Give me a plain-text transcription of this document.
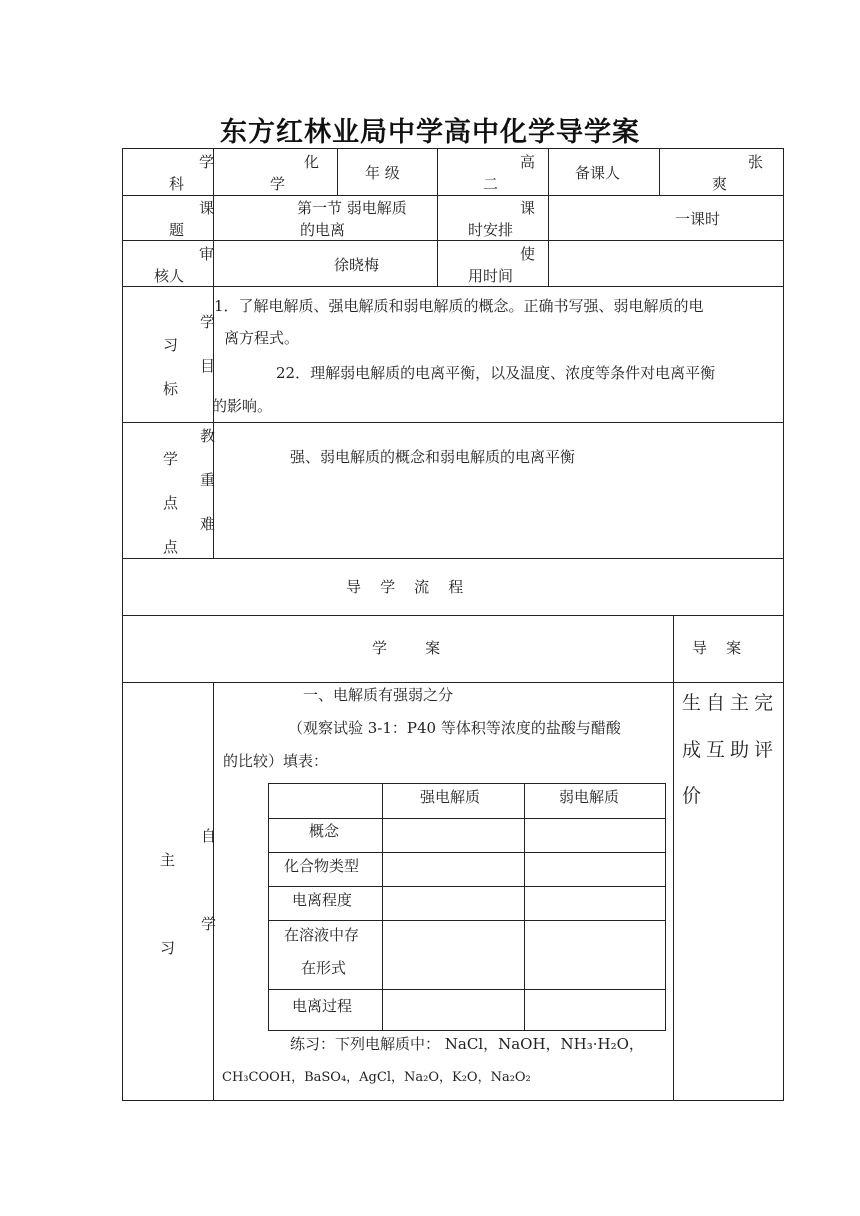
东方红林业局中学高中化学导学案
学
科
化
学
年 级
高
二
备课人
张
爽
课
题
第一节 弱电解质
的电离
课
时安排
一课时
审
核人
徐晓梅
使
用时间
学
习
目
标
1．了解电解质、强电解质和弱电解质的概念。正确书写强、弱电解质的电
离方程式。
22．理解弱电解质的电离平衡，以及温度、浓度等条件对电离平衡
的影响。
教
学
重
点
难
点
强、弱电解质的概念和弱电解质的电离平衡
导    学    流    程
学        案	导    案
自
主
学
习
一、电解质有强弱之分
（观察试验 3-1：P40 等体积等浓度的盐酸与醋酸
的比较）填表：
生自主完
成互助评
价
强电解质	弱电解质
概念
化合物类型
电离程度
在溶液中存
在形式
电离过程
练习：下列电解质中： NaCl，NaOH，NH₃·H₂O，
CH₃COOH，BaSO₄，AgCl，Na₂O，K₂O，Na₂O₂
